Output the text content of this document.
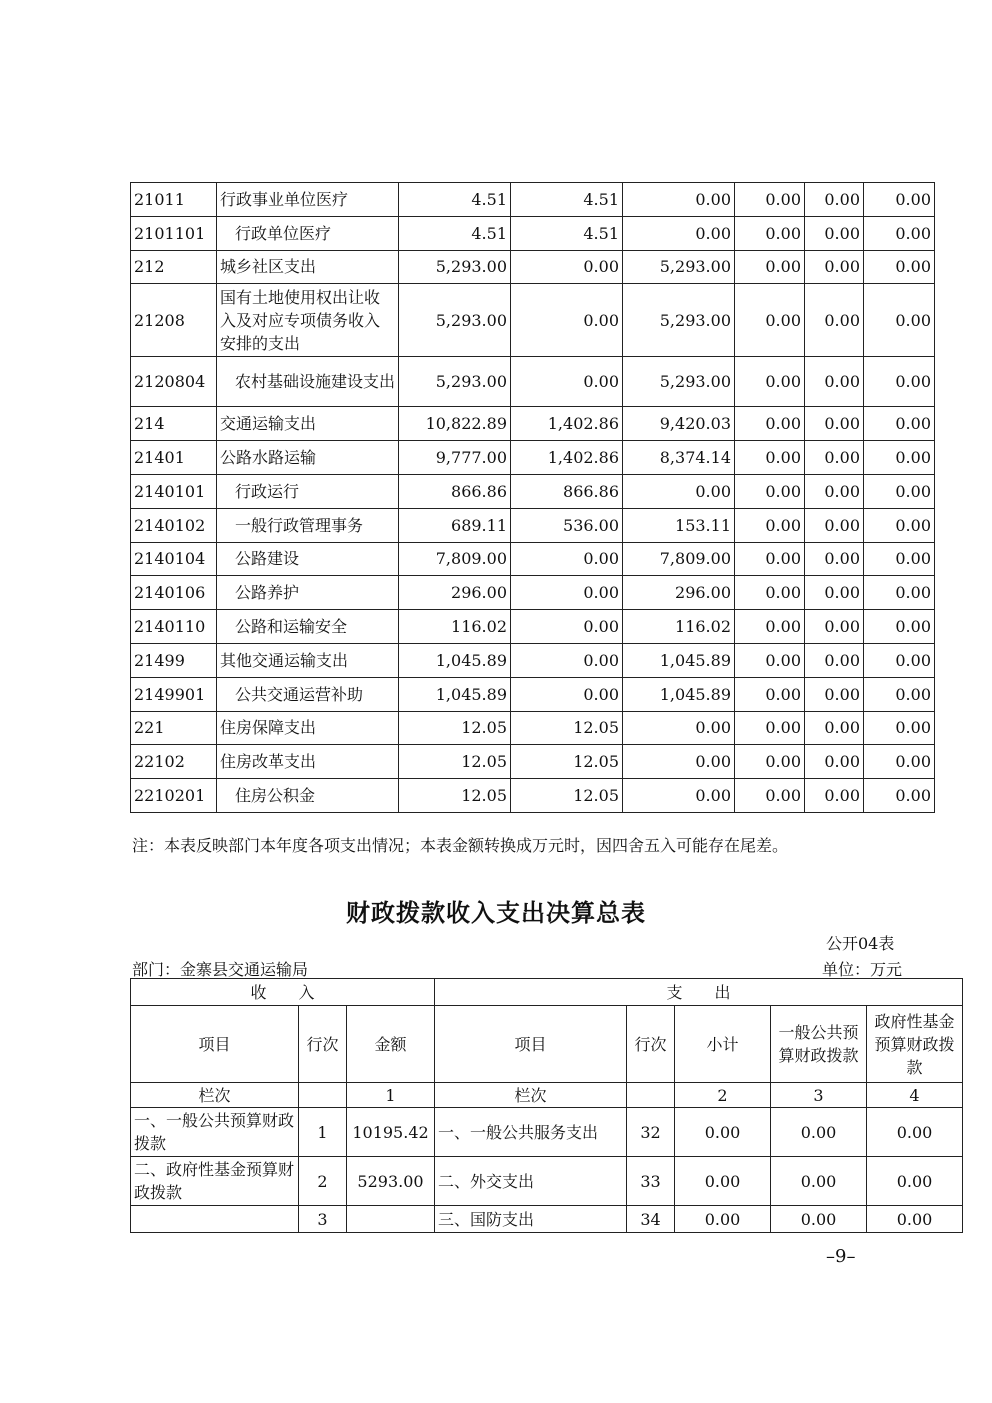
21011	行政事业单位医疗	4.51	4.51	0.00	0.00	0.00	0.00
2101101	行政单位医疗	4.51	4.51	0.00	0.00	0.00	0.00
212	城乡社区支出	5,293.00	0.00	5,293.00	0.00	0.00	0.00
21208	国有土地使用权出让收入及对应专项债务收入安排的支出	5,293.00	0.00	5,293.00	0.00	0.00	0.00
2120804	农村基础设施建设支出	5,293.00	0.00	5,293.00	0.00	0.00	0.00
214	交通运输支出	10,822.89	1,402.86	9,420.03	0.00	0.00	0.00
21401	公路水路运输	9,777.00	1,402.86	8,374.14	0.00	0.00	0.00
2140101	行政运行	866.86	866.86	0.00	0.00	0.00	0.00
2140102	一般行政管理事务	689.11	536.00	153.11	0.00	0.00	0.00
2140104	公路建设	7,809.00	0.00	7,809.00	0.00	0.00	0.00
2140106	公路养护	296.00	0.00	296.00	0.00	0.00	0.00
2140110	公路和运输安全	116.02	0.00	116.02	0.00	0.00	0.00
21499	其他交通运输支出	1,045.89	0.00	1,045.89	0.00	0.00	0.00
2149901	公共交通运营补助	1,045.89	0.00	1,045.89	0.00	0.00	0.00
221	住房保障支出	12.05	12.05	0.00	0.00	0.00	0.00
22102	住房改革支出	12.05	12.05	0.00	0.00	0.00	0.00
2210201	住房公积金	12.05	12.05	0.00	0.00	0.00	0.00
注：本表反映部门本年度各项支出情况；本表金额转换成万元时，因四舍五入可能存在尾差。
财政拨款收入支出决算总表
公开04表
部门：金寨县交通运输局	单位：万元
收　　入			支　　出				
项目	行次	金额	项目	行次	小计	一般公共预算财政拨款	政府性基金预算财政拨款
栏次		1	栏次		2	3	4
一、一般公共预算财政拨款	1	10195.42	一、一般公共服务支出	32	0.00	0.00	0.00
二、政府性基金预算财政拨款	2	5293.00	二、外交支出	33	0.00	0.00	0.00
	3		三、国防支出	34	0.00	0.00	0.00
–9–
